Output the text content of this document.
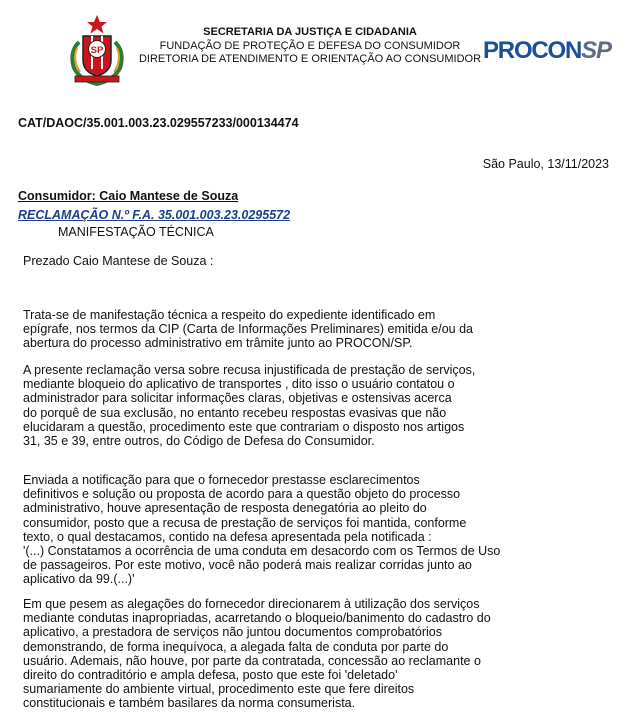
SP
SECRETARIA DA JUSTIÇA E CIDADANIA
FUNDAÇÃO DE PROTEÇÃO E DEFESA DO CONSUMIDOR
DIRETORIA DE ATENDIMENTO E ORIENTAÇÃO AO CONSUMIDOR PROCONSP
CAT/DAOC/35.001.003.23.029557233/000134474
São Paulo, 13/11/2023
Consumidor: Caio Mantese de Souza
RECLAMAÇÃO N.º F.A. 35.001.003.23.0295572
MANIFESTAÇÃO TÉCNICA
Prezado Caio Mantese de Souza :
Trata-se de manifestação técnica a respeito do expediente identificado em
epígrafe, nos termos da CIP (Carta de Informações Preliminares) emitida e/ou da
abertura do processo administrativo em trâmite junto ao PROCON/SP.
A presente reclamação versa sobre recusa injustificada de prestação de serviços,
mediante bloqueio do aplicativo de transportes , dito isso o usuário contatou o
administrador para solicitar informações claras, objetivas e ostensivas acerca
do porquê de sua exclusão, no entanto recebeu respostas evasivas que não
elucidaram a questão, procedimento este que contrariam o disposto nos artigos
31, 35 e 39, entre outros, do Código de Defesa do Consumidor.
Enviada a notificação para que o fornecedor prestasse esclarecimentos
definitivos e solução ou proposta de acordo para a questão objeto do processo
administrativo, houve apresentação de resposta denegatória ao pleito do
consumidor, posto que a recusa de prestação de serviços foi mantida, conforme
texto, o qual destacamos, contido na defesa apresentada pela notificada :
'(...) Constatamos a ocorrência de uma conduta em desacordo com os Termos de Uso
de passageiros. Por este motivo, você não poderá mais realizar corridas junto ao
aplicativo da 99.(...)'
Em que pesem as alegações do fornecedor direcionarem à utilização dos serviços
mediante condutas inapropriadas, acarretando o bloqueio/banimento do cadastro do
aplicativo, a prestadora de serviços não juntou documentos comprobatórios
demonstrando, de forma inequívoca, a alegada falta de conduta por parte do
usuário. Ademais, não houve, por parte da contratada, concessão ao reclamante o
direito do contraditório e ampla defesa, posto que este foi 'deletado'
sumariamente do ambiente virtual, procedimento este que fere direitos
constitucionais e também basilares da norma consumerista.
